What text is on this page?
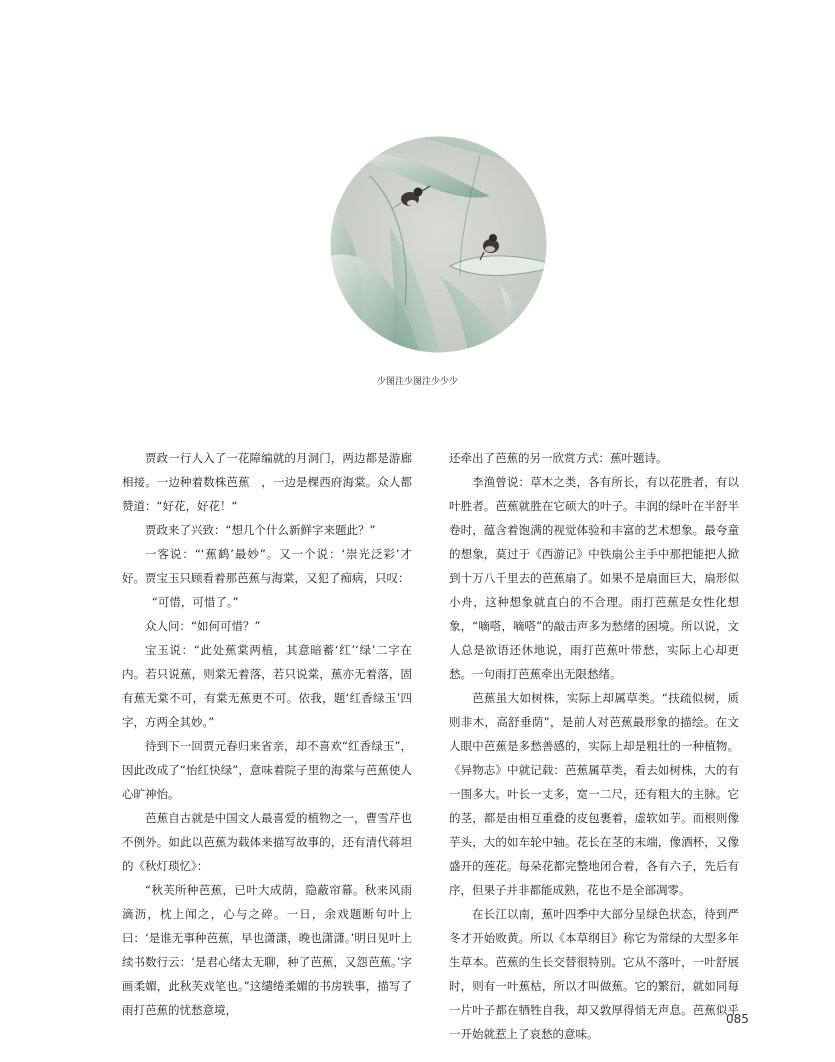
少图注少图注少少少

贾政一行人入了一花障编就的月洞门，两边都是游廊相接。一边种着数株芭蕉　，一边是棵西府海棠。众人都赞道：“好花，好花！“

贾政来了兴致：“想几个什么新鲜字来题此？”

一客说：“‘蕉鹤’最妙”。又一个说：‘崇光泛彩’才好。贾宝玉只顾看着那芭蕉与海棠，又犯了痴病，只叹：

“可惜，可惜了。”

众人问：“如何可惜？”

宝玉说：“此处蕉棠两植，其意暗蓄‘红’‘绿’二字在内。若只说蕉，则棠无着落，若只说棠，蕉亦无着落，固有蕉无棠不可，有棠无蕉更不可。依我，题‘红香绿玉’四字，方两全其妙。”

待到下一回贾元春归来省亲，却不喜欢“红香绿玉”，因此改成了“怡红快绿”，意味着院子里的海棠与芭蕉使人心旷神怡。

芭蕉自古就是中国文人最喜爱的植物之一，曹雪芹也不例外。如此以芭蕉为载体来描写故事的，还有清代蒋坦的《秋灯琐忆》：

“秋芙所种芭蕉，已叶大成荫，隐蔽帘幕。秋来风雨滴沥，枕上闻之，心与之碎。一日，余戏题断句叶上曰：‘是谁无事种芭蕉，早也潇潇，晚也潇潇。’明日见叶上续书数行云：‘是君心绪太无聊，种了芭蕉，又怨芭蕉。’字画柔媚，此秋芙戏笔也。”这缱绻柔媚的书房轶事，描写了雨打芭蕉的忧愁意境，

还牵出了芭蕉的另一欣赏方式：蕉叶题诗。

李渔曾说：草木之类，各有所长，有以花胜者，有以叶胜者。芭蕉就胜在它硕大的叶子。丰润的绿叶在半舒半卷时，蕴含着饱满的视觉体验和丰富的艺术想象。最夸童的想象，莫过于《西游记》中铁扇公主手中那把能把人掀到十万八千里去的芭蕉扇了。如果不是扇面巨大，扇形似小舟，这种想象就直白的不合理。雨打芭蕉是女性化想象，“嘀嗒，嘀嗒”的敲击声多为愁绪的困境。所以说，文人总是欲语还休地说，雨打芭蕉叶带愁，实际上心却更愁。一句雨打芭蕉牵出无限愁绪。

芭蕉虽大如树株，实际上却属草类。“扶疏似树，质则非木，高舒垂荫”，是前人对芭蕉最形象的描绘。在文人眼中芭蕉是多愁善感的，实际上却是粗壮的一种植物。《异物志》中就记载：芭蕉属草类，看去如树株，大的有一围多大。叶长一丈多，宽一二尺，还有粗大的主脉。它的茎，都是由相互重叠的皮包裹着，虚软如芋。而根则像芋头，大的如车轮中轴。花长在茎的末端，像酒杯，又像盛开的莲花。每朵花都完整地闭合着，各有六子，先后有序，但果子并非都能成熟，花也不是全部凋零。

在长江以南，蕉叶四季中大部分呈绿色状态，待到严冬才开始败黄。所以《本草纲目》称它为常绿的大型多年生草本。芭蕉的生长交替很特别。它从不落叶，一叶舒展时，则有一叶蕉枯，所以才叫做蕉。它的繁衍，就如同每一片叶子都在牺牲自我，却又敦厚得悄无声息。芭蕉似乎一开始就惹上了哀愁的意味。

085
